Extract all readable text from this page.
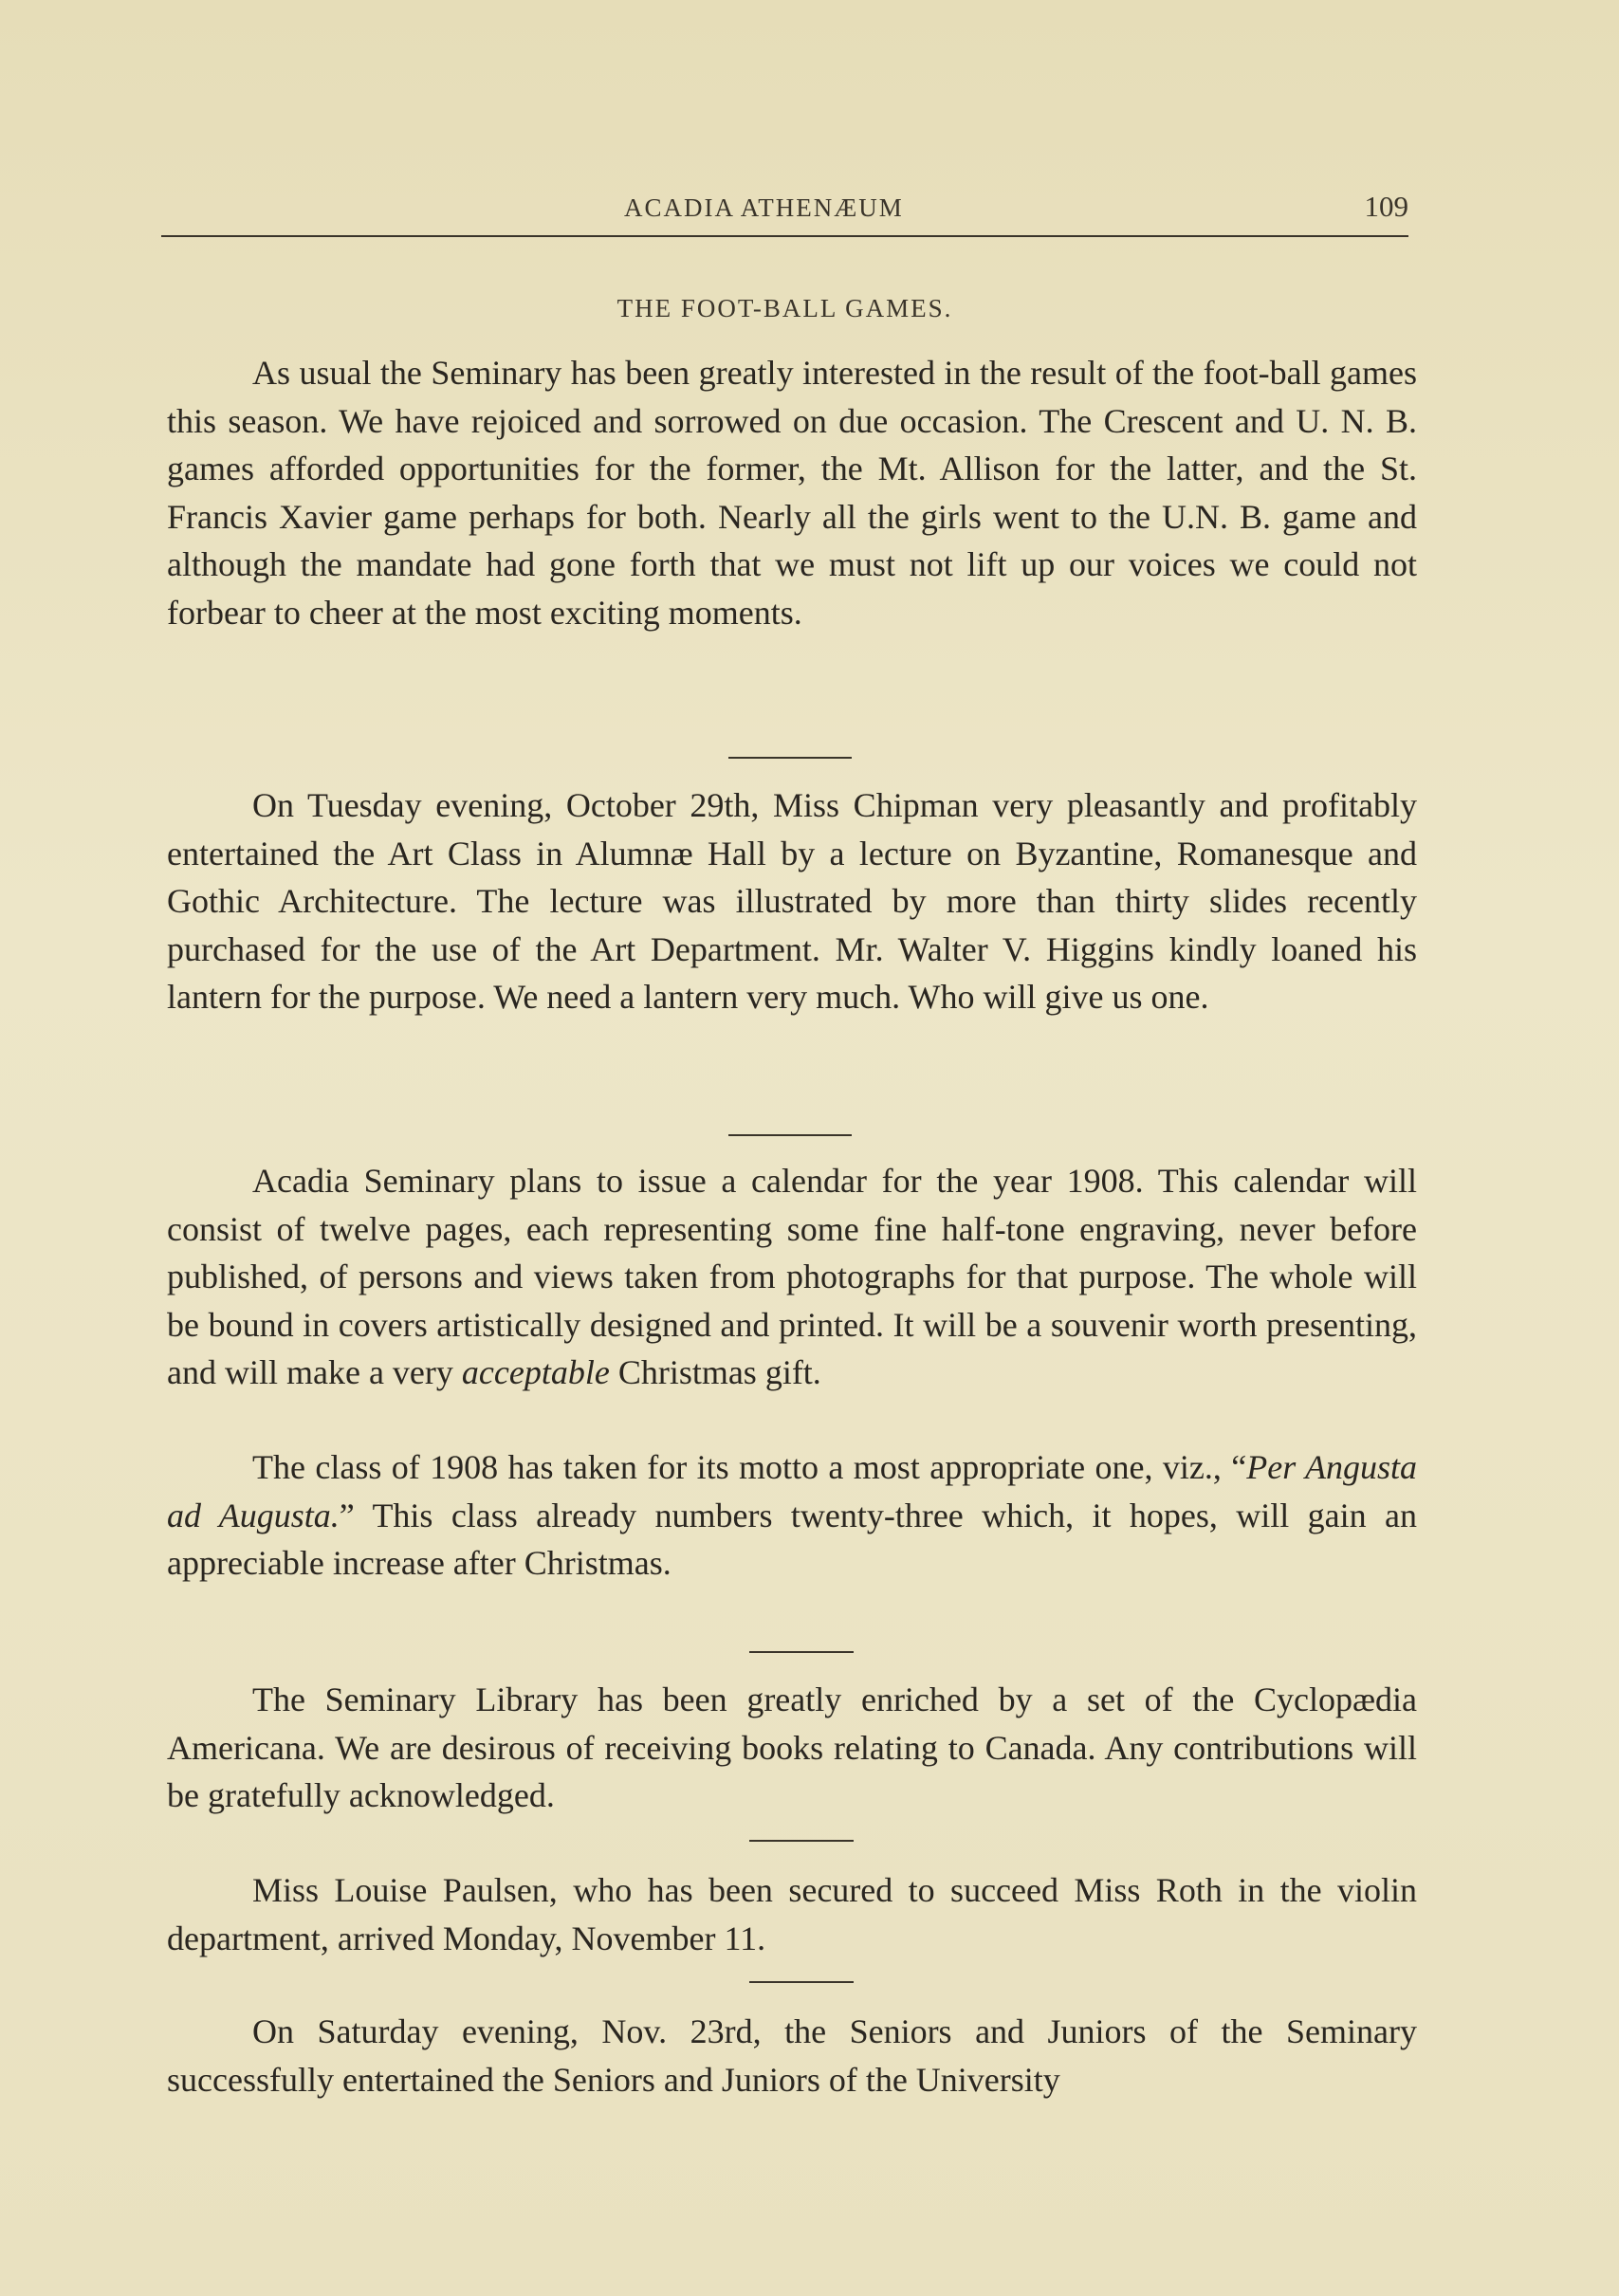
ACADIA ATHENÆUM	109
THE FOOT-BALL GAMES.

As usual the Seminary has been greatly interested in the result of the foot-ball games this season. We have rejoiced and sorrowed on due occasion. The Crescent and U. N. B. games afforded opportunities for the former, the Mt. Allison for the latter, and the St. Francis Xavier game perhaps for both. Nearly all the girls went to the U.N. B. game and although the mandate had gone forth that we must not lift up our voices we could not forbear to cheer at the most exciting moments.

On Tuesday evening, October 29th, Miss Chipman very pleasantly and profitably entertained the Art Class in Alumnæ Hall by a lecture on Byzantine, Romanesque and Gothic Architecture. The lecture was illustrated by more than thirty slides recently purchased for the use of the Art Department. Mr. Walter V. Higgins kindly loaned his lantern for the purpose. We need a lantern very much. Who will give us one.

Acadia Seminary plans to issue a calendar for the year 1908. This calendar will consist of twelve pages, each representing some fine half-tone engraving, never before published, of persons and views taken from photographs for that purpose. The whole will be bound in covers artistically designed and printed. It will be a souvenir worth presenting, and will make a very acceptable Christmas gift.

The class of 1908 has taken for its motto a most appropriate one, viz., “Per Angusta ad Augusta.” This class already numbers twenty-three which, it hopes, will gain an appreciable increase after Christmas.

The Seminary Library has been greatly enriched by a set of the Cyclopædia Americana. We are desirous of receiving books relating to Canada. Any contributions will be gratefully acknowledged.

Miss Louise Paulsen, who has been secured to succeed Miss Roth in the violin department, arrived Monday, November 11.

On Saturday evening, Nov. 23rd, the Seniors and Juniors of the Seminary successfully entertained the Seniors and Juniors of the University
